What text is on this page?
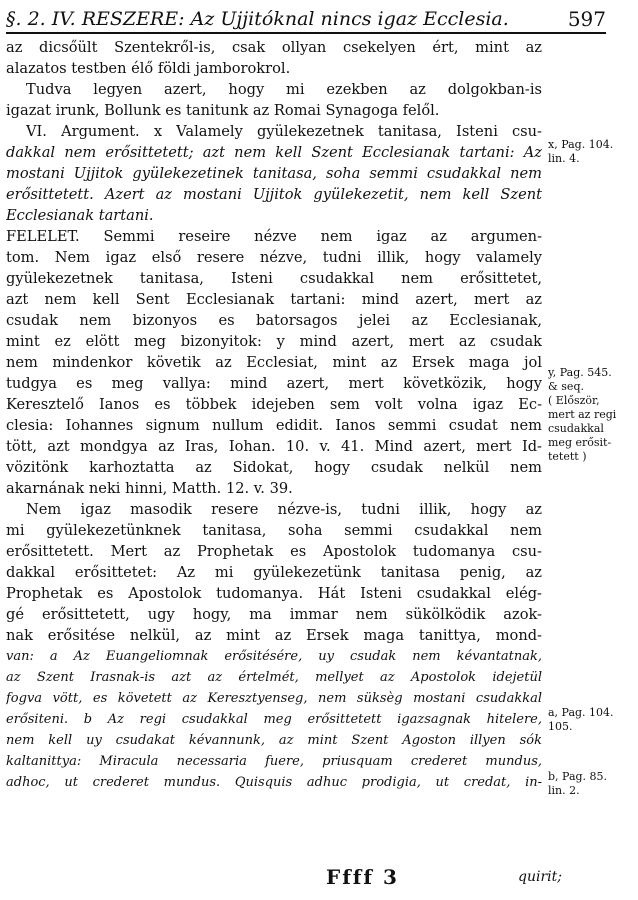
§. 2. IV. RESZERE: Az Ujjitóknal nincs igaz Ecclesia.	597
az dicsőült Szentekről-is, csak ollyan csekelyen ért, mint az
alazatos testben élő földi jamborokrol.
Tudva legyen azert, hogy mi ezekben az dolgokban-is
igazat irunk, Bollunk es tanitunk az Romai Synagoga felől.
VI. Argument. x Valamely gyülekezetnek tanitasa, Isteni csu-
dakkal nem erősittetett; azt nem kell Szent Ecclesianak tartani: Az
mostani Ujjitok gyülekezetinek tanitasa, soha semmi csudakkal nem
erősittetett. Azert az mostani Ujjitok gyülekezetit, nem kell Szent
Ecclesianak tartani.
FELELET. Semmi reseire nézve nem igaz az argumen-
tom. Nem igaz első resere nézve, tudni illik, hogy valamely
gyülekezetnek tanitasa, Isteni csudakkal nem erősittetet,
azt nem kell Sent Ecclesianak tartani: mind azert, mert az
csudak nem bizonyos es batorsagos jelei az Ecclesianak,
mint ez elött meg bizonyitok: y mind azert, mert az csudak
nem mindenkor követik az Ecclesiat, mint az Ersek maga jol
tudgya es meg vallya: mind azert, mert követközik, hogy
Keresztelő Ianos es többek idejeben sem volt volna igaz Ec-
clesia: Iohannes signum nullum edidit. Ianos semmi csudat nem
tött, azt mondgya az Iras, Iohan. 10. v. 41. Mind azert, mert Id-
vözitönk karhoztatta az Sidokat, hogy csudak nelkül nem
akarnának neki hinni, Matth. 12. v. 39.
Nem igaz masodik resere nézve-is, tudni illik, hogy az
mi gyülekezetünknek tanitasa, soha semmi csudakkal nem
erősittetett. Mert az Prophetak es Apostolok tudomanya csu-
dakkal erősittetet: Az mi gyülekezetünk tanitasa penig, az
Prophetak es Apostolok tudomanya. Hát Isteni csudakkal elég-
gé erősittetett, ugy hogy, ma immar nem sükölködik azok-
nak erősitése nelkül, az mint az Ersek maga tanittya, mond-
van: a Az Euangeliomnak erősitésére, uy csudak nem kévantatnak,
az Szent Irasnak-is azt az értelmét, mellyet az Apostolok idejetül
fogva vött, es követett az Keresztyenseg, nem süksèg mostani csudakkal
erősiteni. b Az regi csudakkal meg erősittetett igazsagnak hitelere,
nem kell uy csudakat kévannunk, az mint Szent Agoston illyen sók
kaltanittya: Miracula necessaria fuere, priusquam crederet mundus,
adhoc, ut crederet mundus. Quisquis adhuc prodigia, ut credat, in-
x, Pag. 104.
lin. 4.
y, Pag. 545.
& seq.
( Először,
mert az regi
csudakkal
meg erősit-
tetett )
a, Pag. 104.
105.
b, Pag. 85.
lin. 2.
Ffff 3	quirit;
